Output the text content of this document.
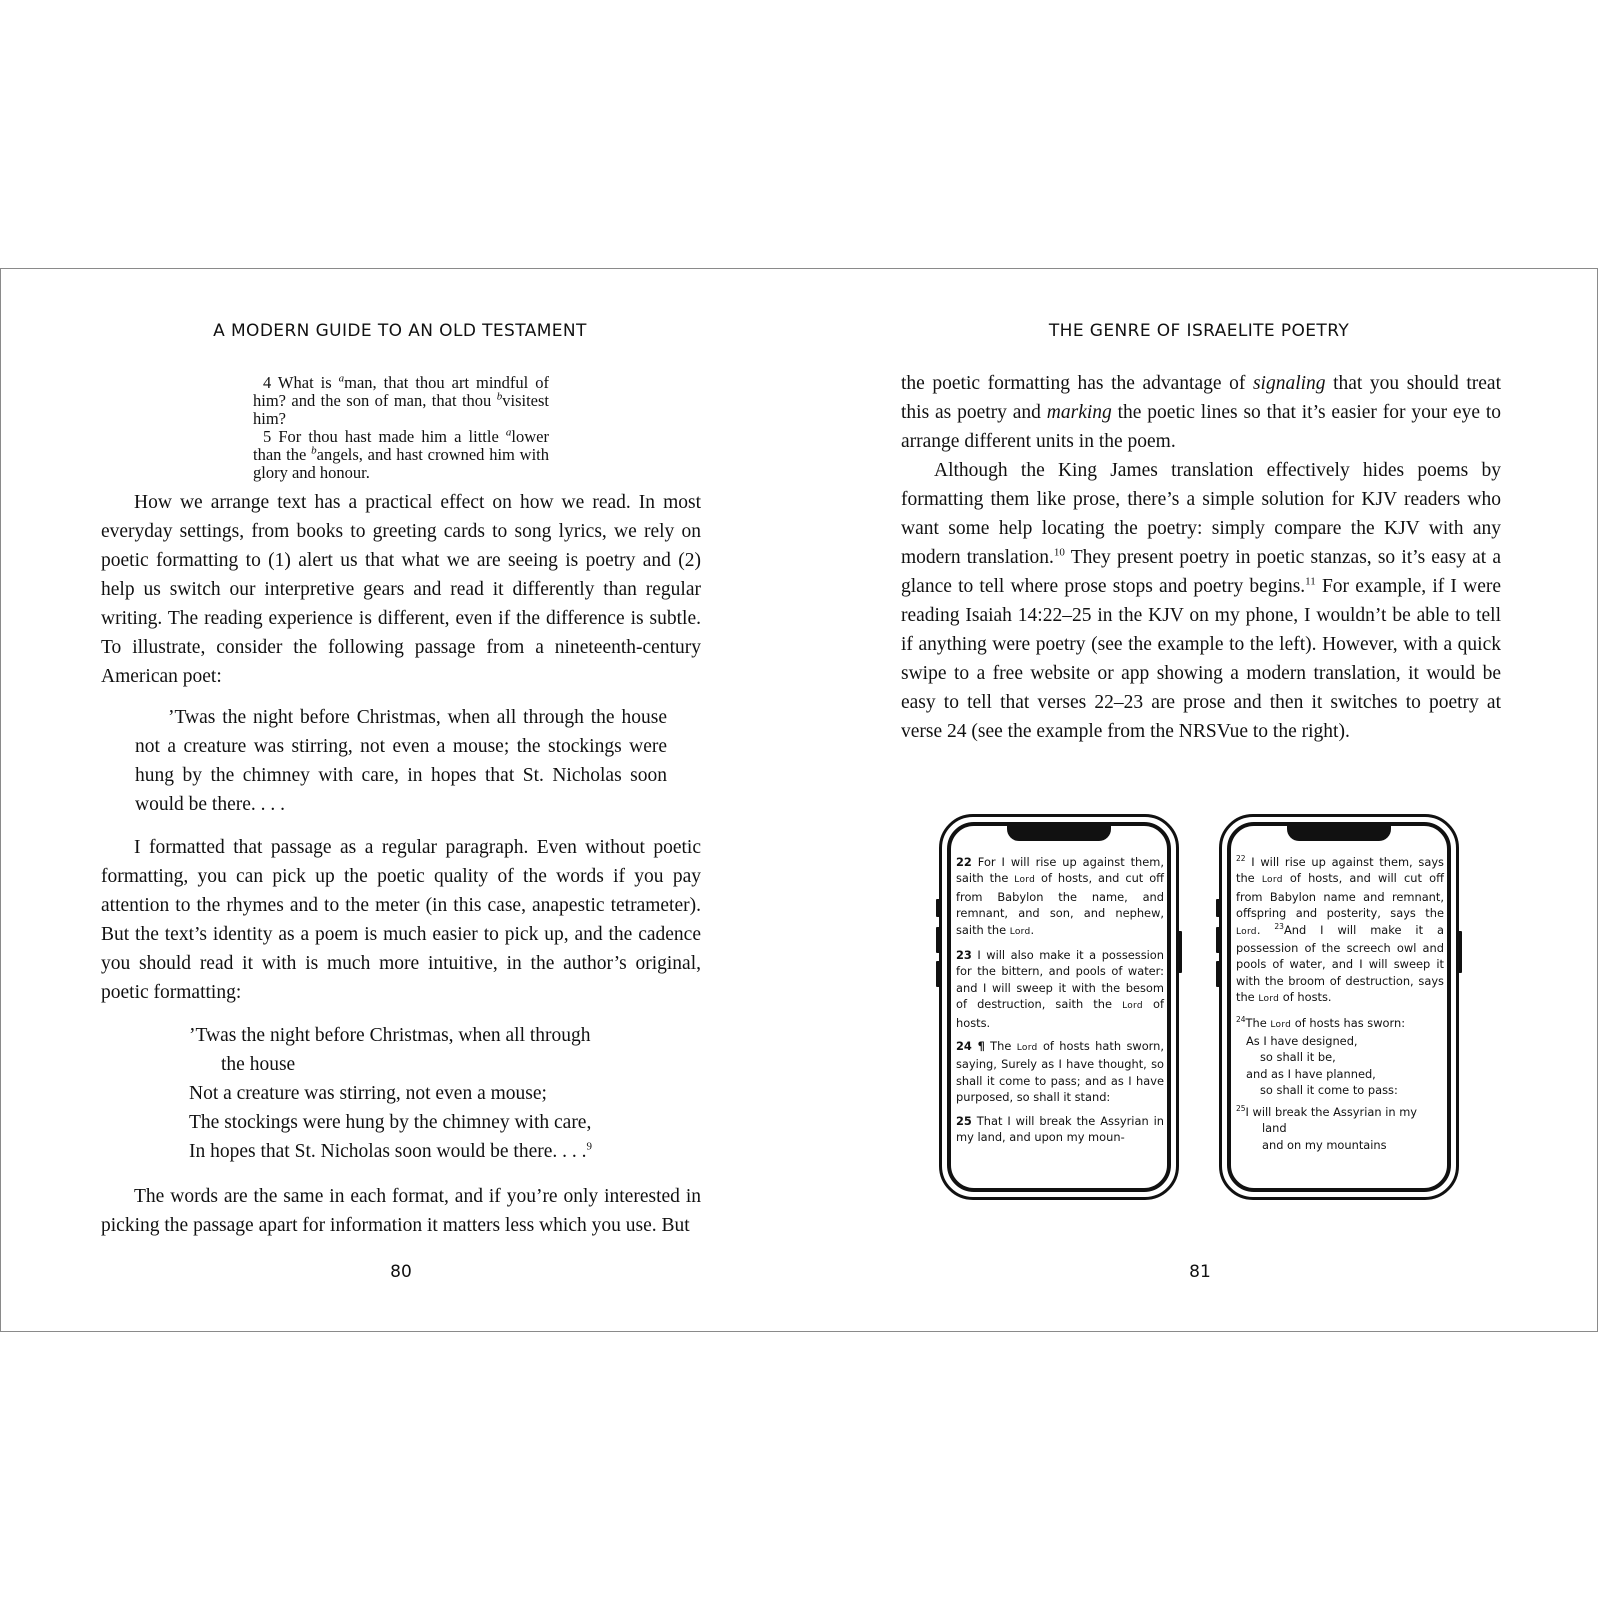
A MODERN GUIDE TO AN OLD TESTAMENT

4 What is $^a$man, that thou art mindful of him? and the son of man, that thou $^b$visitest him?

5 For thou hast made him a little $^a$lower than the $^b$angels, and hast crowned him with glory and honour.

How we arrange text has a practical effect on how we read. In most everyday settings, from books to greeting cards to song lyrics, we rely on poetic formatting to (1) alert us that what we are seeing is poetry and (2) help us switch our interpretive gears and read it differently than regular writing. The reading experience is different, even if the difference is subtle. To illustrate, consider the following passage from a nineteenth-century American poet:

’Twas the night before Christmas, when all through the house not a creature was stirring, not even a mouse; the stockings were hung by the chimney with care, in hopes that St. Nicholas soon would be there. . . .

I formatted that passage as a regular paragraph. Even without poetic formatting, you can pick up the poetic quality of the words if you pay attention to the rhymes and to the meter (in this case, anapestic tetrameter). But the text’s identity as a poem is much easier to pick up, and the cadence you should read it with is much more intuitive, in the author’s original, poetic formatting:

’Twas the night before Christmas, when all through
the house
Not a creature was stirring, not even a mouse;
The stockings were hung by the chimney with care,
In hopes that St. Nicholas soon would be there. . . .$^9$

The words are the same in each format, and if you’re only interested in picking the passage apart for information it matters less which you use. But

80
THE GENRE OF ISRAELITE POETRY

the poetic formatting has the advantage of signaling that you should treat this as poetry and marking the poetic lines so that it’s easier for your eye to arrange different units in the poem.

Although the King James translation effectively hides poems by formatting them like prose, there’s a simple solution for KJV readers who want some help locating the poetry: simply compare the KJV with any modern translation.$^{10}$ They present poetry in poetic stanzas, so it’s easy at a glance to tell where prose stops and poetry begins.$^{11}$ For example, if I were reading Isaiah 14:22–25 in the KJV on my phone, I wouldn’t be able to tell if anything were poetry (see the example to the left). However, with a quick swipe to a free website or app showing a modern translation, it would be easy to tell that verses 22–23 are prose and then it switches to poetry at verse 24 (see the example from the NRSVue to the right).

22 For I will rise up against them, saith the Lord of hosts, and cut off from Babylon the name, and remnant, and son, and nephew, saith the Lord.

23 I will also make it a possession for the bittern, and pools of water: and I will sweep it with the besom of destruction, saith the Lord of hosts.

24 ¶ The Lord of hosts hath sworn, saying, Surely as I have thought, so shall it come to pass; and as I have purposed, so shall it stand:

25 That I will break the Assyrian in my land, and upon my moun-

$^{22}$ I will rise up against them, says the Lord of hosts, and will cut off from Babylon name and remnant, offspring and posterity, says the Lord. $^{23}$And I will make it a possession of the screech owl and pools of water, and I will sweep it with the broom of destruction, says the Lord of hosts.

$^{24}$The Lord of hosts has sworn:
As I have designed,
so shall it be,
and as I have planned,
so shall it come to pass:

$^{25}$I will break the Assyrian in my
land
and on my mountains

81
